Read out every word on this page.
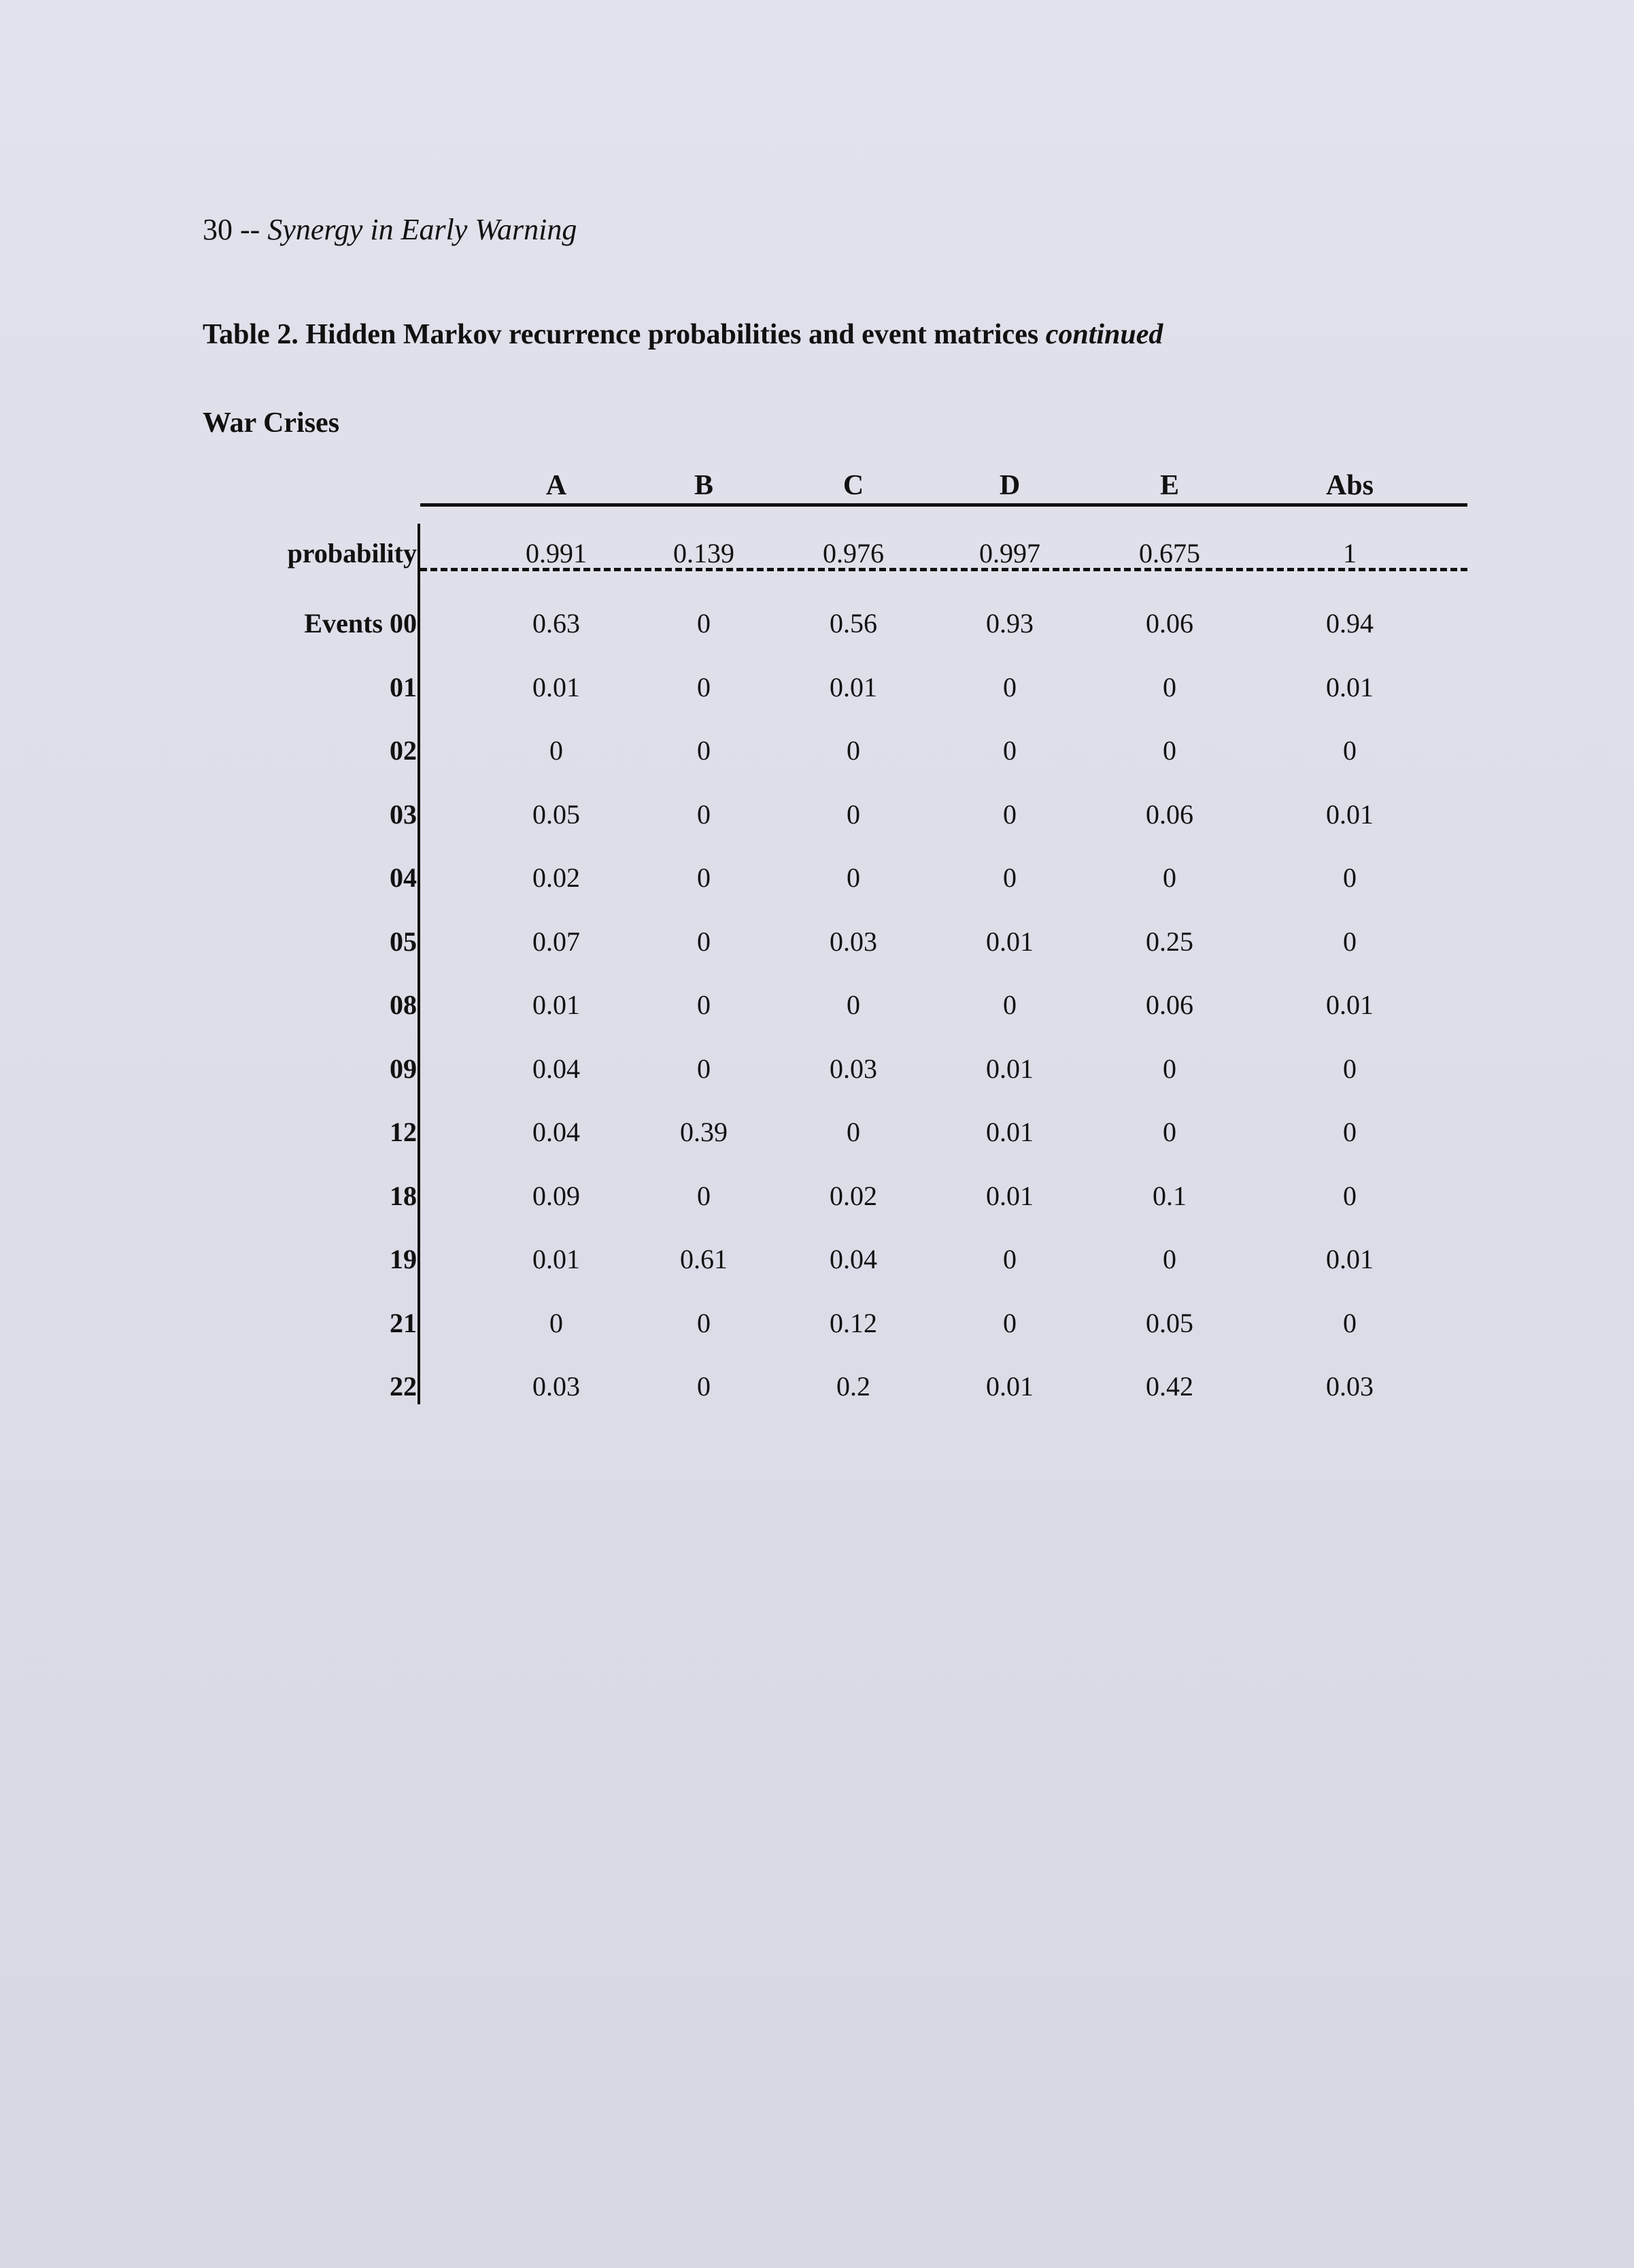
30 -- Synergy in Early Warning
Table 2. Hidden Markov recurrence probabilities and event matrices continued
War Crises
A	B	C	D	E	Abs
probability	0.991	0.139	0.976	0.997	0.675	1
Events 00	0.63	0	0.56	0.93	0.06	0.94
01	0.01	0	0.01	0	0	0.01
02	0	0	0	0	0	0
03	0.05	0	0	0	0.06	0.01
04	0.02	0	0	0	0	0
05	0.07	0	0.03	0.01	0.25	0
08	0.01	0	0	0	0.06	0.01
09	0.04	0	0.03	0.01	0	0
12	0.04	0.39	0	0.01	0	0
18	0.09	0	0.02	0.01	0.1	0
19	0.01	0.61	0.04	0	0	0.01
21	0	0	0.12	0	0.05	0
22	0.03	0	0.2	0.01	0.42	0.03
